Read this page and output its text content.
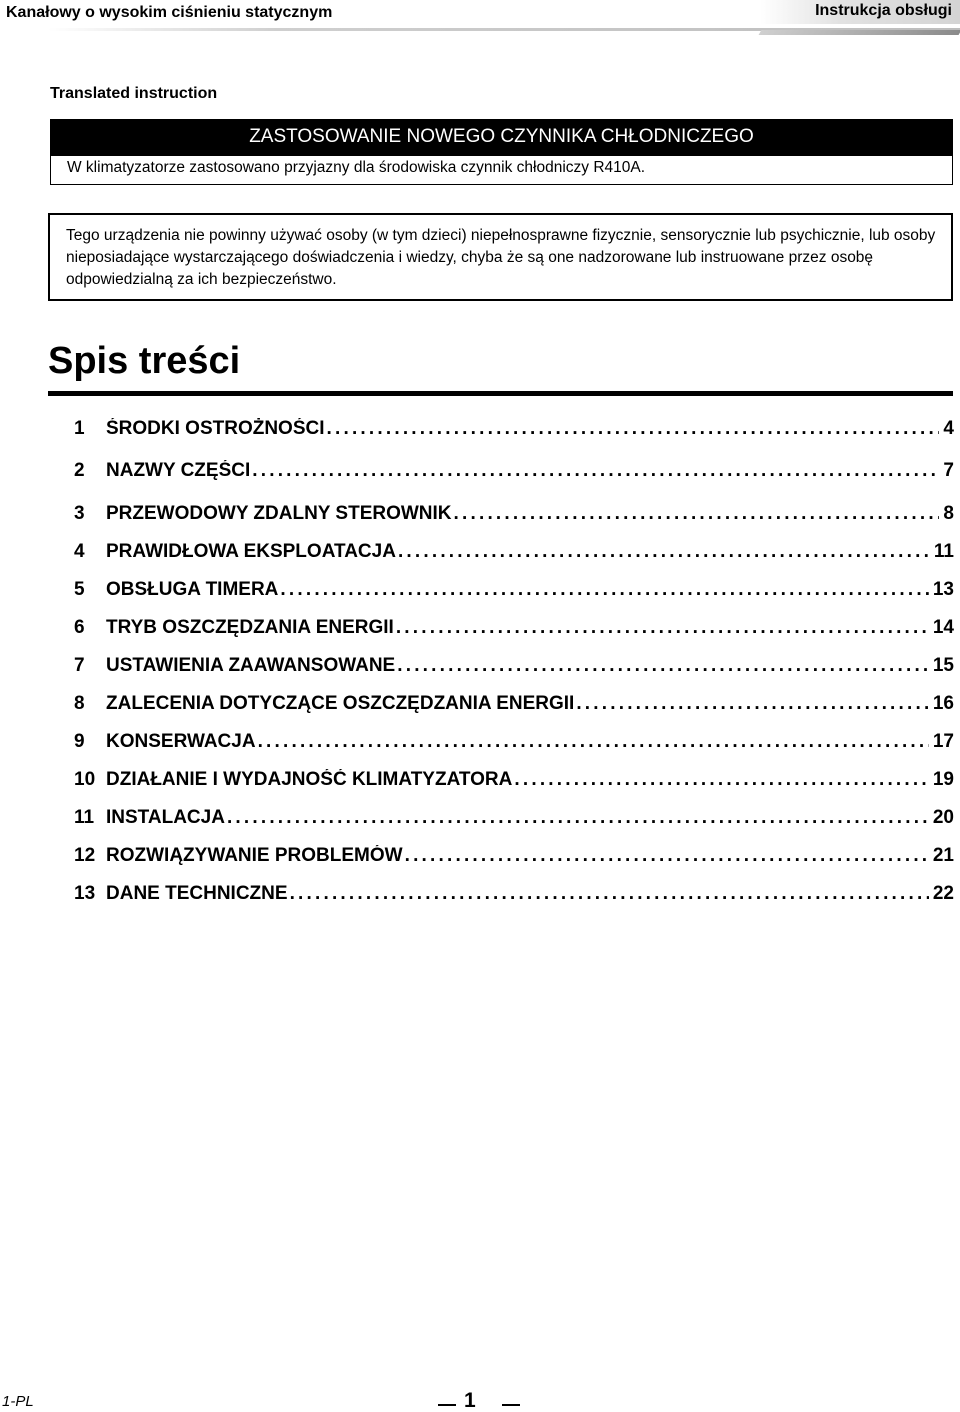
Kanałowy o wysokim ciśnieniu statycznym	Instrukcja obsługi
Translated instruction
ZASTOSOWANIE NOWEGO CZYNNIKA CHŁODNICZEGO
W klimatyzatorze zastosowano przyjazny dla środowiska czynnik chłodniczy R410A.
Tego urządzenia nie powinny używać osoby (w tym dzieci) niepełnosprawne fizycznie, sensorycznie lub psychicznie, lub osoby nieposiadające wystarczającego doświadczenia i wiedzy, chyba że są one nadzorowane lub instruowane przez osobę odpowiedzialną za ich bezpieczeństwo.
Spis treści
1	ŚRODKI OSTROŻNOŚCI .....	4
2	NAZWY CZĘŚCI .....	7
3	PRZEWODOWY ZDALNY STEROWNIK .....	8
4	PRAWIDŁOWA EKSPLOATACJA .....	11
5	OBSŁUGA TIMERA .....	13
6	TRYB OSZCZĘDZANIA ENERGII .....	14
7	USTAWIENIA ZAAWANSOWANE .....	15
8	ZALECENIA DOTYCZĄCE OSZCZĘDZANIA ENERGII .....	16
9	KONSERWACJA .....	17
10 DZIAŁANIE I WYDAJNOŚĆ KLIMATYZATORA .....	19
11 INSTALACJA .....	20
12 ROZWIĄZYWANIE PROBLEMÓW .....	21
13 DANE TECHNICZNE .....	22
1-PL	1
